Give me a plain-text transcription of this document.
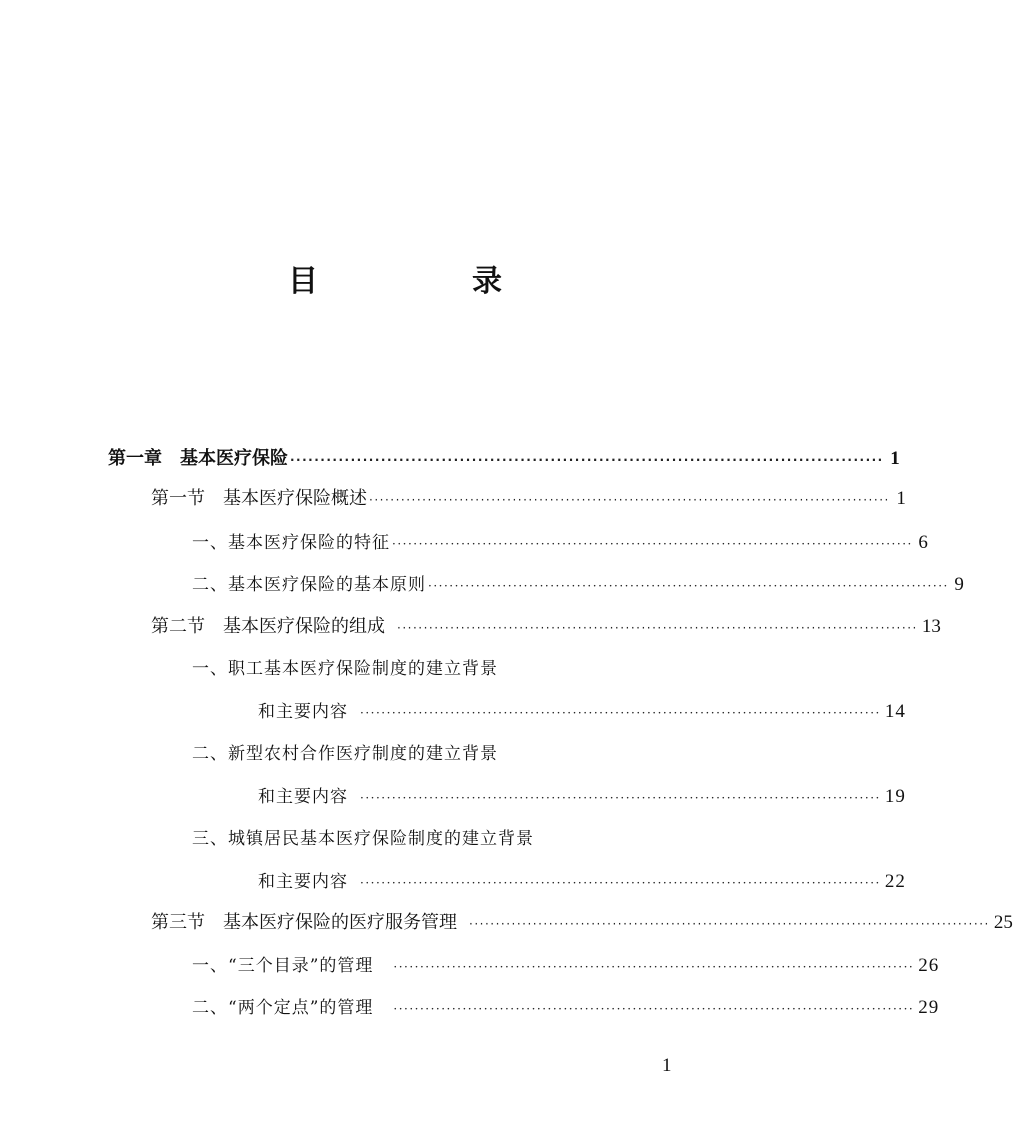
目　录
第一章 基本医疗保险 ·································································································· 1
第一节 基本医疗保险概述 ·································································································· 1
一、基本医疗保险的特征 ·································································································· 6
二、基本医疗保险的基本原则 ·································································································· 9
第二节 基本医疗保险的组成 ·································································································· 13
一、职工基本医疗保险制度的建立背景
和主要内容 ·································································································· 14
二、新型农村合作医疗制度的建立背景
和主要内容 ·································································································· 19
三、城镇居民基本医疗保险制度的建立背景
和主要内容 ·································································································· 22
第三节 基本医疗保险的医疗服务管理 ·································································································· 25
一、“三个目录”的管理 ·································································································· 26
二、“两个定点”的管理 ·································································································· 29
1
